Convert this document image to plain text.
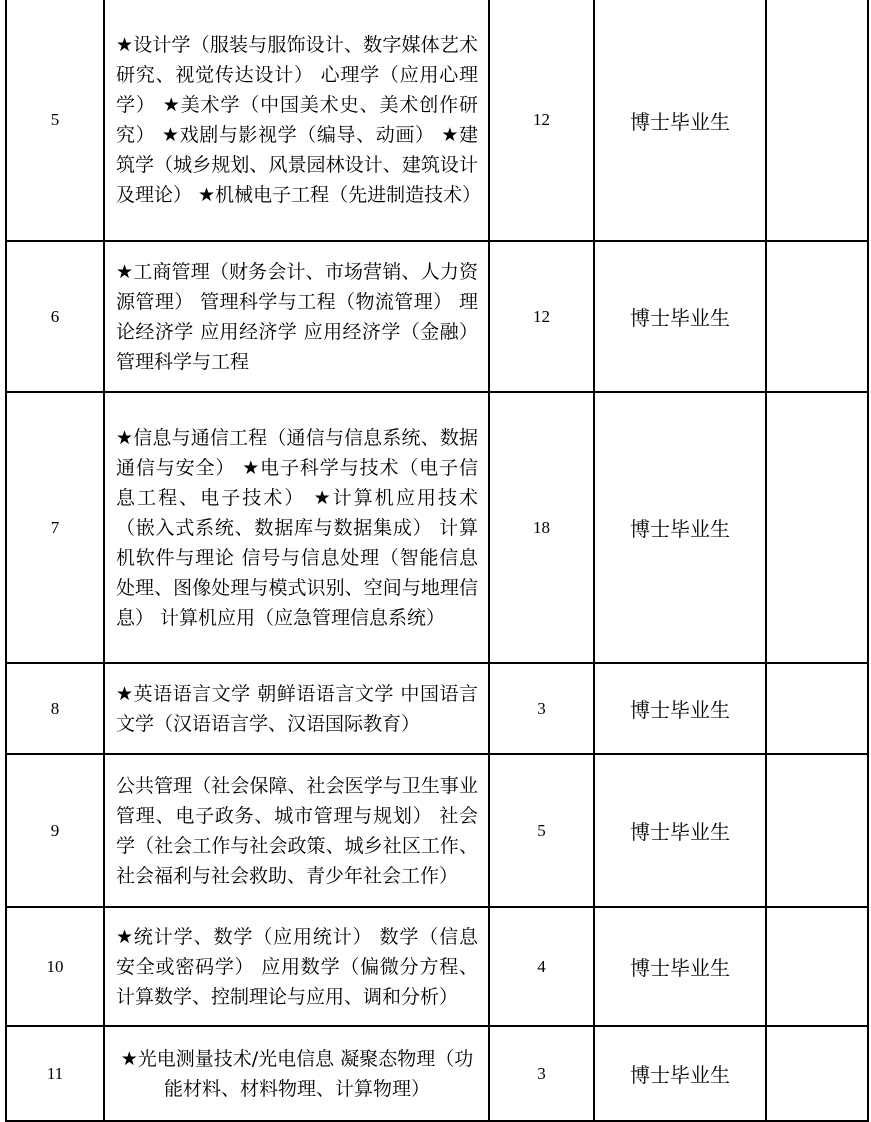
5	★设计学（服装与服饰设计、数字媒体艺术研究、视觉传达设计） 心理学（应用心理学） ★美术学（中国美术史、美术创作研究） ★戏剧与影视学（编导、动画） ★建筑学（城乡规划、风景园林设计、建筑设计及理论） ★机械电子工程（先进制造技术）	12	博士毕业生	
6	★工商管理（财务会计、市场营销、人力资源管理） 管理科学与工程（物流管理） 理论经济学 应用经济学 应用经济学（金融） 管理科学与工程	12	博士毕业生	
7	★信息与通信工程（通信与信息系统、数据通信与安全） ★电子科学与技术（电子信息工程、电子技术） ★计算机应用技术（嵌入式系统、数据库与数据集成） 计算机软件与理论 信号与信息处理（智能信息处理、图像处理与模式识别、空间与地理信息） 计算机应用（应急管理信息系统）	18	博士毕业生	
8	★英语语言文学 朝鲜语语言文学 中国语言文学（汉语语言学、汉语国际教育）	3	博士毕业生	
9	公共管理（社会保障、社会医学与卫生事业管理、电子政务、城市管理与规划） 社会学（社会工作与社会政策、城乡社区工作、社会福利与社会救助、青少年社会工作）	5	博士毕业生	
10	★统计学、数学（应用统计） 数学（信息安全或密码学） 应用数学（偏微分方程、计算数学、控制理论与应用、调和分析）	4	博士毕业生	
11	★光电测量技术/光电信息 凝聚态物理（功能材料、材料物理、计算物理）	3	博士毕业生	
